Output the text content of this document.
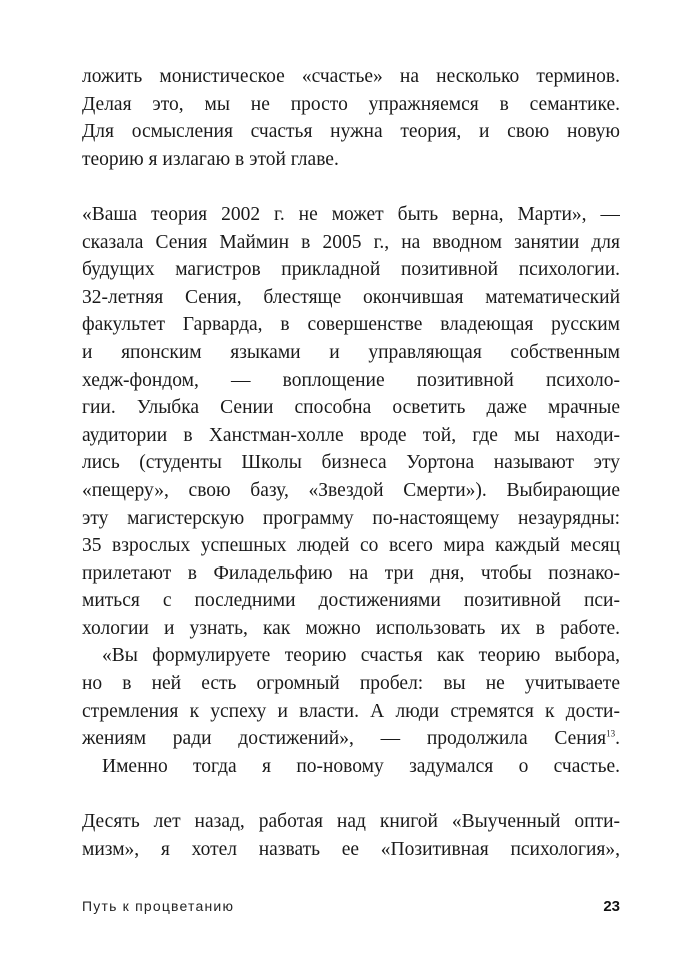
ложить монистическое «счастье» на несколько терминов.
Делая это, мы не просто упражняемся в семантике.
Для осмысления счастья нужна теория, и свою новую
теорию я излагаю в этой главе.
«Ваша теория 2002 г. не может быть верна, Марти», —
сказала Сения Маймин в 2005 г., на вводном занятии для
будущих магистров прикладной позитивной психологии.
32-летняя Сения, блестяще окончившая математический
факультет Гарварда, в совершенстве владеющая русским
и японским языками и управляющая собственным
хедж-фондом, — воплощение позитивной психоло-
гии. Улыбка Сении способна осветить даже мрачные
аудитории в Ханстман-холле вроде той, где мы находи-
лись (студенты Школы бизнеса Уортона называют эту
«пещеру», свою базу, «Звездой Смерти»). Выбирающие
эту магистерскую программу по-настоящему незаурядны:
35 взрослых успешных людей со всего мира каждый месяц
прилетают в Филадельфию на три дня, чтобы познако-
миться с последними достижениями позитивной пси-
хологии и узнать, как можно использовать их в работе.
«Вы формулируете теорию счастья как теорию выбора,
но в ней есть огромный пробел: вы не учитываете
стремления к успеху и власти. А люди стремятся к дости-
жениям ради достижений», — продолжила Сения$^{13}$.
Именно тогда я по-новому задумался о счастье.
Десять лет назад, работая над книгой «Выученный опти-
мизм», я хотел назвать ее «Позитивная психология»,
Путь к процветанию	23
